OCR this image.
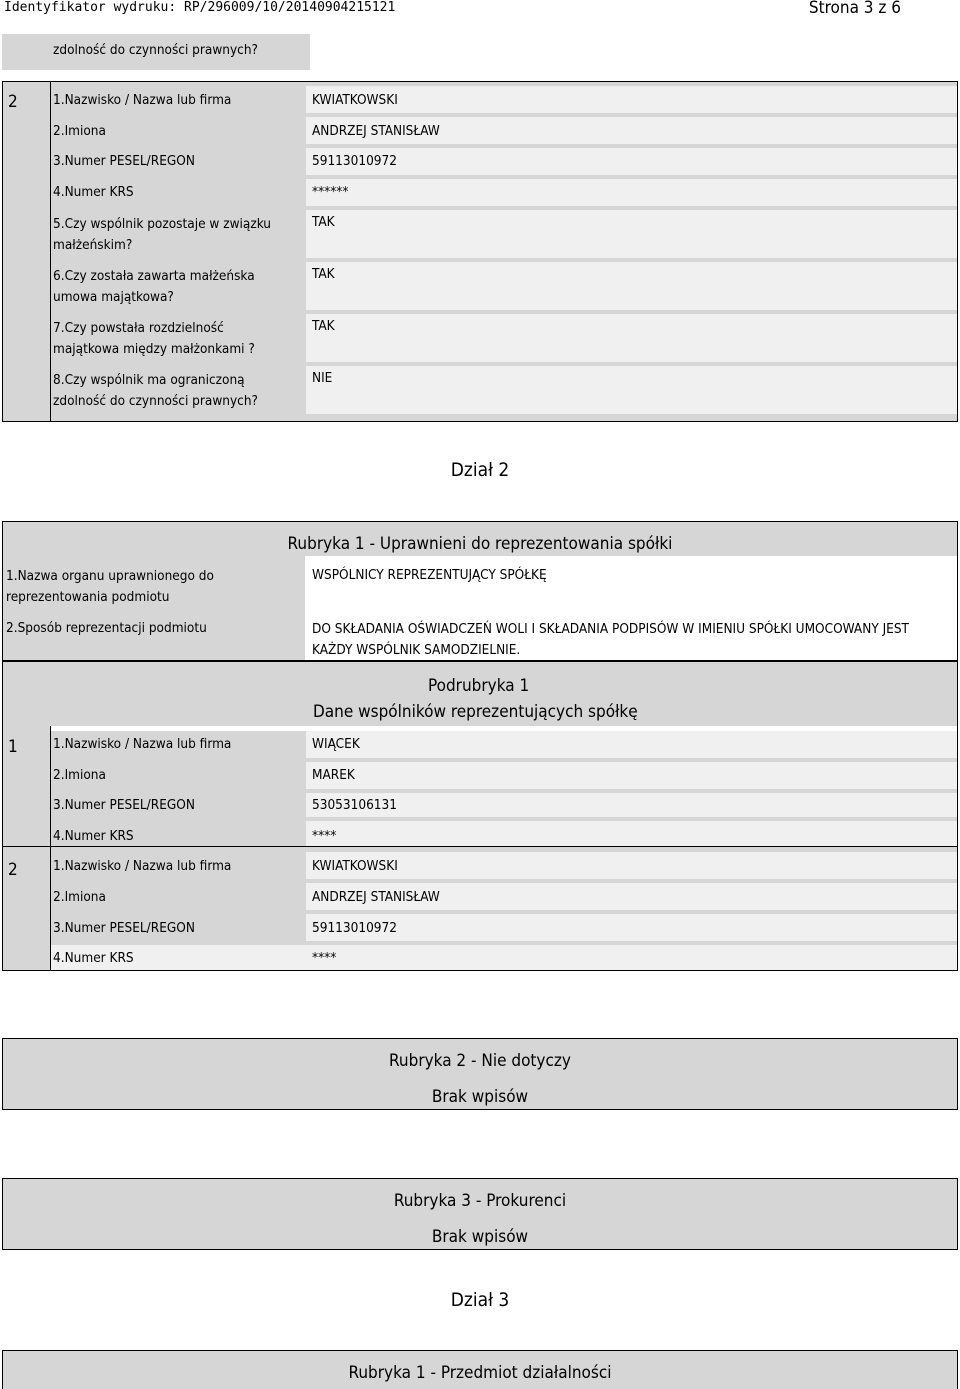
Identyfikator wydruku: RP/296009/10/20140904215121	Strona 3 z 6
zdolność do czynności prawnych?
2	1.Nazwisko / Nazwa lub firma	KWIATKOWSKI
2.Imiona	ANDRZEJ STANISŁAW
3.Numer PESEL/REGON	59113010972
4.Numer KRS	******
5.Czy wspólnik pozostaje w związku małżeńskim?
TAK
6.Czy została zawarta małżeńska umowa majątkowa?
TAK
7.Czy powstała rozdzielność majątkowa między małżonkami ?
TAK
8.Czy wspólnik ma ograniczoną zdolność do czynności prawnych?
NIE
Dział 2
Rubryka 1 - Uprawnieni do reprezentowania spółki
1.Nazwa organu uprawnionego do reprezentowania podmiotu
WSPÓLNICY REPREZENTUJĄCY SPÓŁKĘ
2.Sposób reprezentacji podmiotu	DO SKŁADANIA OŚWIADCZEŃ WOLI I SKŁADANIA PODPISÓW W IMIENIU SPÓŁKI UMOCOWANY JEST KAŻDY WSPÓLNIK SAMODZIELNIE.
Podrubryka 1
Dane wspólników reprezentujących spółkę
1	1.Nazwisko / Nazwa lub firma	WIĄCEK
2.Imiona	MAREK
3.Numer PESEL/REGON	53053106131
4.Numer KRS	****
2	1.Nazwisko / Nazwa lub firma	KWIATKOWSKI
2.Imiona	ANDRZEJ STANISŁAW
3.Numer PESEL/REGON	59113010972
4.Numer KRS	****
Rubryka 2 - Nie dotyczy
Brak wpisów
Rubryka 3 - Prokurenci
Brak wpisów
Dział 3
Rubryka 1 - Przedmiot działalności
